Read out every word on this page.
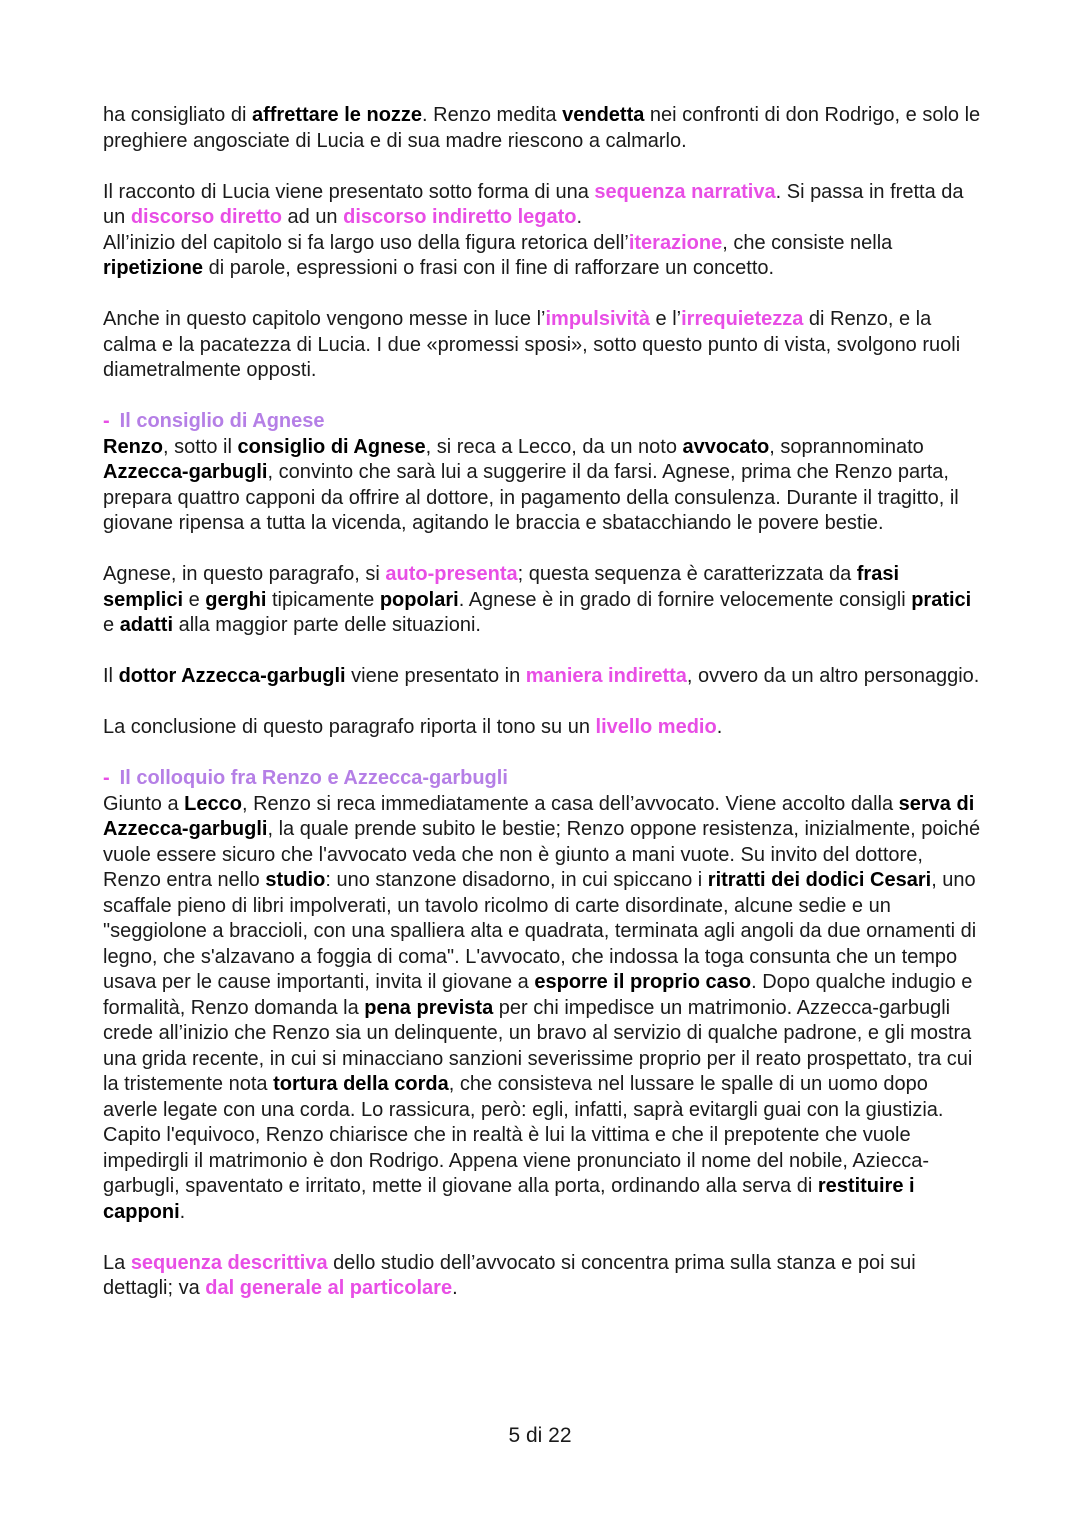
ha consigliato di affrettare le nozze. Renzo medita vendetta nei confronti di don Rodrigo, e solo le preghiere angosciate di Lucia e di sua madre riescono a calmarlo.

Il racconto di Lucia viene presentato sotto forma di una sequenza narrativa. Si passa in fretta da un discorso diretto ad un discorso indiretto legato.

All’inizio del capitolo si fa largo uso della figura retorica dell’iterazione, che consiste nella ripetizione di parole, espressioni o frasi con il fine di rafforzare un concetto.

Anche in questo capitolo vengono messe in luce l’impulsività e l’irrequietezza di Renzo, e la calma e la pacatezza di Lucia. I due «promessi sposi», sotto questo punto di vista, svolgono ruoli diametralmente opposti.

- Il consiglio di Agnese

Renzo, sotto il consiglio di Agnese, si reca a Lecco, da un noto avvocato, soprannominato Azzecca-garbugli, convinto che sarà lui a suggerire il da farsi. Agnese, prima che Renzo parta, prepara quattro capponi da offrire al dottore, in pagamento della consulenza. Durante il tragitto, il giovane ripensa a tutta la vicenda, agitando le braccia e sbatacchiando le povere bestie.

Agnese, in questo paragrafo, si auto-presenta; questa sequenza è caratterizzata da frasi semplici e gerghi tipicamente popolari. Agnese è in grado di fornire velocemente consigli pratici e adatti alla maggior parte delle situazioni.

Il dottor Azzecca-garbugli viene presentato in maniera indiretta, ovvero da un altro personaggio.

La conclusione di questo paragrafo riporta il tono su un livello medio.

- Il colloquio fra Renzo e Azzecca-garbugli

Giunto a Lecco, Renzo si reca immediatamente a casa dell’avvocato. Viene accolto dalla serva di Azzecca-garbugli, la quale prende subito le bestie; Renzo oppone resistenza, inizialmente, poiché vuole essere sicuro che l'avvocato veda che non è giunto a mani vuote. Su invito del dottore, Renzo entra nello studio: uno stanzone disadorno, in cui spiccano i ritratti dei dodici Cesari, uno scaffale pieno di libri impolverati, un tavolo ricolmo di carte disordinate, alcune sedie e un "seggiolone a braccioli, con una spalliera alta e quadrata, terminata agli angoli da due ornamenti di legno, che s'alzavano a foggia di coma". L'avvocato, che indossa la toga consunta che un tempo usava per le cause importanti, invita il giovane a esporre il proprio caso. Dopo qualche indugio e formalità, Renzo domanda la pena prevista per chi impedisce un matrimonio. Azzecca-garbugli crede all’inizio che Renzo sia un delinquente, un bravo al servizio di qualche padrone, e gli mostra una grida recente, in cui si minacciano sanzioni severissime proprio per il reato prospettato, tra cui la tristemente nota tortura della corda, che consisteva nel lussare le spalle di un uomo dopo averle legate con una corda. Lo rassicura, però: egli, infatti, saprà evitargli guai con la giustizia.

Capito l'equivoco, Renzo chiarisce che in realtà è lui la vittima e che il prepotente che vuole impedirgli il matrimonio è don Rodrigo. Appena viene pronunciato il nome del nobile, Aziecca-garbugli, spaventato e irritato, mette il giovane alla porta, ordinando alla serva di restituire i capponi.

La sequenza descrittiva dello studio dell’avvocato si concentra prima sulla stanza e poi sui dettagli; va dal generale al particolare.

5 di 22
